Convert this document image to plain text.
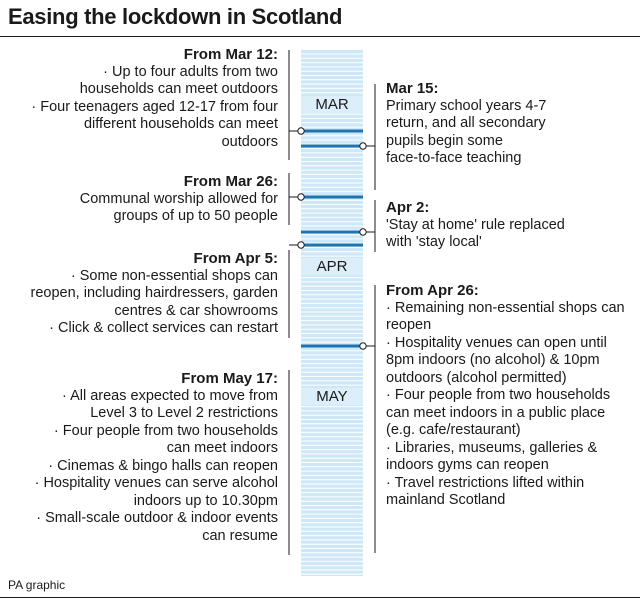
Easing the lockdown in Scotland
MAR
APR
MAY
From Mar 12:
· Up to four adults from two households can meet outdoors
· Four teenagers aged 12-17 from four different households can meet outdoors
From Mar 26:
Communal worship allowed for
groups of up to 50 people
From Apr 5:
· Some non-essential shops can reopen, including hairdressers, garden centres & car showrooms
· Click & collect services can restart
From May 17:
· All areas expected to move from Level 3 to Level 2 restrictions
· Four people from two households can meet indoors
· Cinemas & bingo halls can reopen
· Hospitality venues can serve alcohol indoors up to 10.30pm
· Small-scale outdoor & indoor events can resume
Mar 15:
Primary school years 4-7
return, and all secondary
pupils begin some
face-to-face teaching
Apr 2:
'Stay at home' rule replaced
with 'stay local'
From Apr 26:
· Remaining non-essential shops can reopen
· Hospitality venues can open until 8pm indoors (no alcohol) & 10pm outdoors (alcohol permitted)
· Four people from two households can meet indoors in a public place (e.g. cafe/restaurant)
· Libraries, museums, galleries & indoors gyms can reopen
· Travel restrictions lifted within mainland Scotland
PA graphic
